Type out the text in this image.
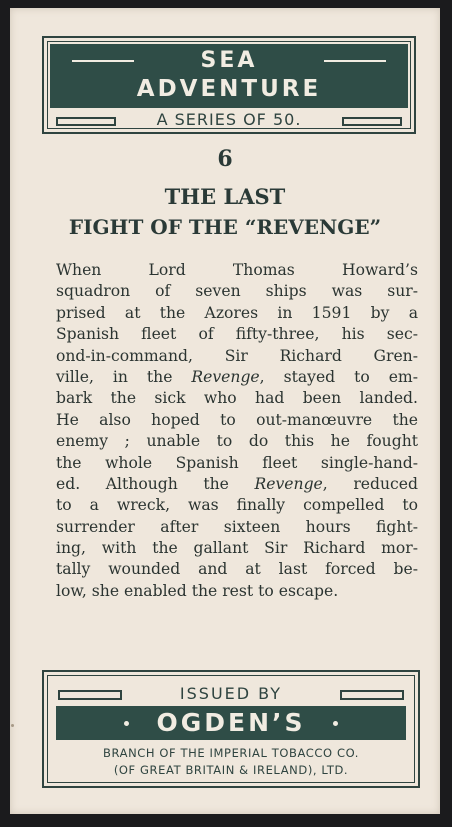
SEA
ADVENTURE
A SERIES OF 50.
6
THE LAST
FIGHT OF THE “REVENGE”
When Lord Thomas Howard’s
squadron of seven ships was sur-
prised at the Azores in 1591 by a
Spanish fleet of fifty-three, his sec-
ond-in-command, Sir Richard Gren-
ville, in the Revenge, stayed to em-
bark the sick who had been landed.
He also hoped to out-manœuvre the
enemy ; unable to do this he fought
the whole Spanish fleet single-hand-
ed. Although the Revenge, reduced
to a wreck, was finally compelled to
surrender after sixteen hours fight-
ing, with the gallant Sir Richard mor-
tally wounded and at last forced be-
low, she enabled the rest to escape.
ISSUED BY
OGDEN’S
BRANCH OF THE IMPERIAL TOBACCO CO.
(OF GREAT BRITAIN & IRELAND), LTD.
